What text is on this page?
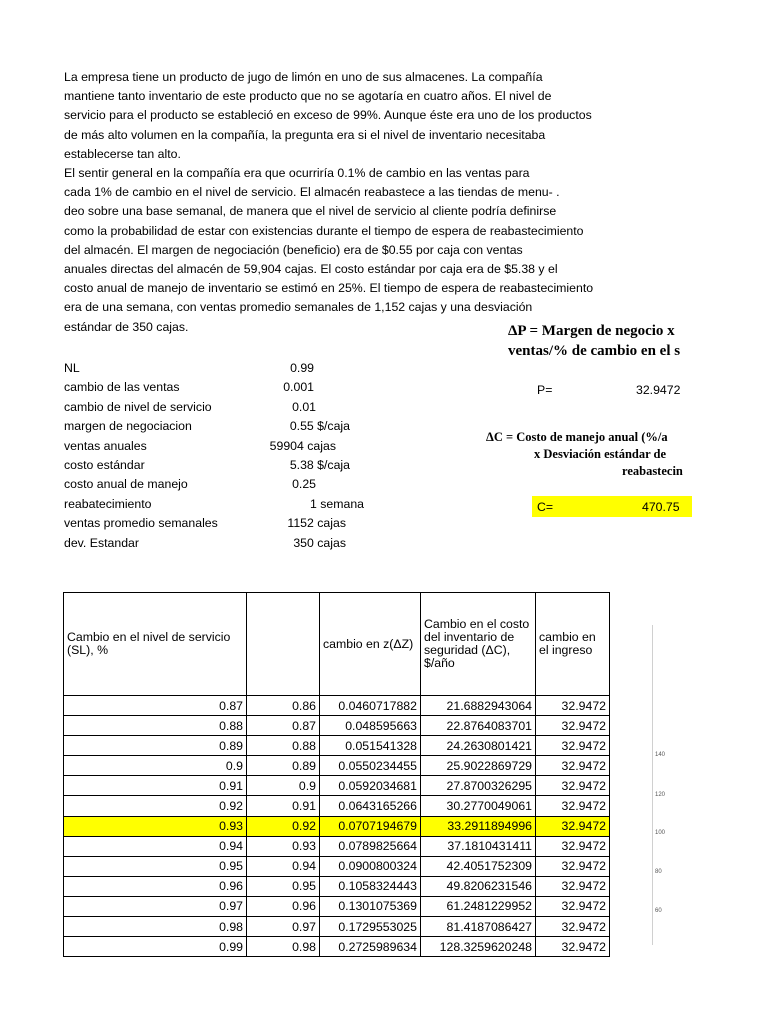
La empresa tiene un producto de jugo de limón en uno de sus almacenes. La compañía
mantiene tanto inventario de este producto que no se agotaría en cuatro años. El nivel de
servicio para el producto se estableció en exceso de 99%. Aunque éste era uno de los productos
de más alto volumen en la compañía, la pregunta era si el nivel de inventario necesitaba
establecerse tan alto.
El sentir general en la compañía era que ocurriría 0.1% de cambio en las ventas para
cada 1% de cambio en el nivel de servicio. El almacén reabastece a las tiendas de menu- .
deo sobre una base semanal, de manera que el nivel de servicio al cliente podría definirse
como la probabilidad de estar con existencias durante el tiempo de espera de reabastecimiento
del almacén. El margen de negociación (beneficio) era de $0.55 por caja con ventas
anuales directas del almacén de 59,904 cajas. El costo estándar por caja era de $5.38 y el
costo anual de manejo de inventario se estimó en 25%. El tiempo de espera de reabastecimiento
era de una semana, con ventas promedio semanales de 1,152 cajas y una desviación
estándar de 350 cajas.
NL	0.99
cambio de las ventas	0.001
cambio de nivel de servicio	0.01
margen de negociacion	0.55 $/caja
ventas anuales	59904 cajas
costo estándar	5.38 $/caja
costo anual de manejo	0.25
reabatecimiento	1 semana
ventas promedio semanales	1152 cajas
dev. Estandar	350 cajas
ΔP = Margen de negocio x
ventas/% de cambio en el s
P=	32.9472
ΔC = Costo de manejo anual (%/a
x Desviación estándar de
reabastecin
C=	470.75
Cambio en el nivel de servicio (SL), %		cambio en z(ΔZ)	Cambio en el costo del inventario de seguridad (ΔC), $/año	cambio en el ingreso
0.87	0.86	0.0460717882	21.6882943064	32.9472
0.88	0.87	0.048595663	22.8764083701	32.9472
0.89	0.88	0.051541328	24.2630801421	32.9472
0.9	0.89	0.0550234455	25.9022869729	32.9472
0.91	0.9	0.0592034681	27.8700326295	32.9472
0.92	0.91	0.0643165266	30.2770049061	32.9472
0.93	0.92	0.0707194679	33.2911894996	32.9472
0.94	0.93	0.0789825664	37.1810431411	32.9472
0.95	0.94	0.0900800324	42.4051752309	32.9472
0.96	0.95	0.1058324443	49.8206231546	32.9472
0.97	0.96	0.1301075369	61.2481229952	32.9472
0.98	0.97	0.1729553025	81.4187086427	32.9472
0.99	0.98	0.2725989634	128.3259620248	32.9472
140
120
100
80
60
